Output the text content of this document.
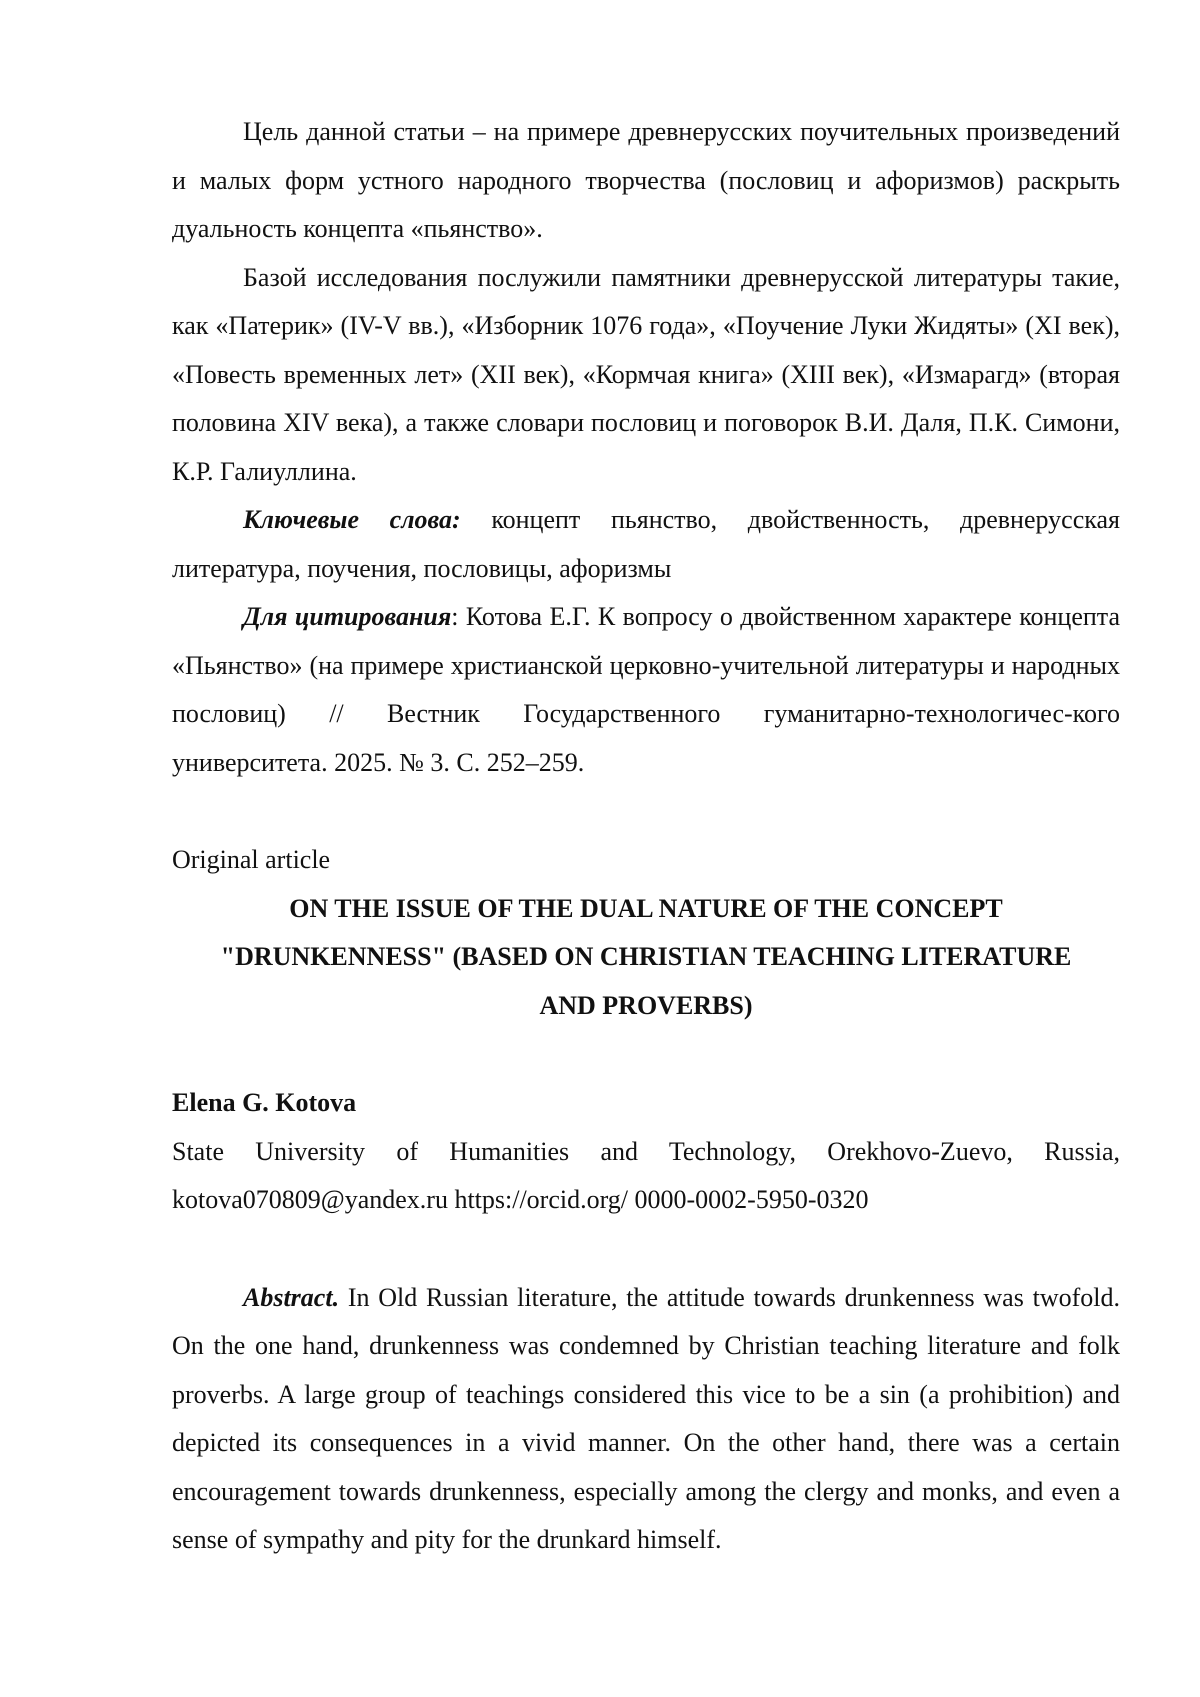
Цель данной статьи – на примере древнерусских поучительных произведений и малых форм устного народного творчества (пословиц и афоризмов) раскрыть дуальность концепта «пьянство».

Базой исследования послужили памятники древнерусской литературы такие, как «Патерик» (IV-V вв.), «Изборник 1076 года», «Поучение Луки Жидяты» (XI век), «Повесть временных лет» (XII век), «Кормчая книга» (XIII век), «Измарагд» (вторая половина XIV века), а также словари пословиц и поговорок В.И. Даля, П.К. Симони, К.Р. Галиуллина.

Ключевые слова: концепт пьянство, двойственность, древнерусская литература, поучения, пословицы, афоризмы

Для цитирования: Котова Е.Г. К вопросу о двойственном характере концепта «Пьянство» (на примере христианской церковно-учительной литературы и народных пословиц) // Вестник Государственного гуманитарно-технологичес-кого университета. 2025. № 3. С. 252–259.

Original article

ON THE ISSUE OF THE DUAL NATURE OF THE CONCEPT
"DRUNKENNESS" (BASED ON CHRISTIAN TEACHING LITERATURE
AND PROVERBS)

Elena G. Kotova

State University of Humanities and Technology, Orekhovo-Zuevo, Russia,

kotova070809@yandex.ru https://orcid.org/ 0000-0002-5950-0320

Abstract. In Old Russian literature, the attitude towards drunkenness was twofold. On the one hand, drunkenness was condemned by Christian teaching literature and folk proverbs. A large group of teachings considered this vice to be a sin (a prohibition) and depicted its consequences in a vivid manner. On the other hand, there was a certain encouragement towards drunkenness, especially among the clergy and monks, and even a sense of sympathy and pity for the drunkard himself.
